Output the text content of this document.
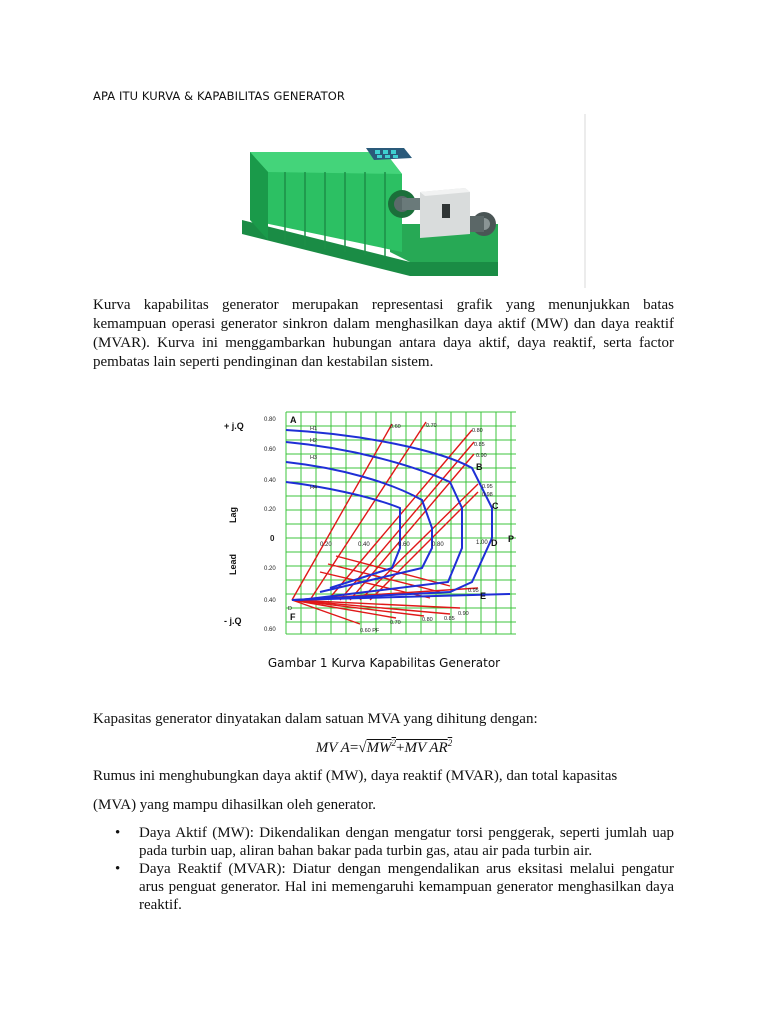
APA ITU KURVA & KAPABILITAS GENERATOR
Kurva kapabilitas generator merupakan representasi grafik yang menunjukkan batas kemampuan operasi generator sinkron dalam menghasilkan daya aktif (MW) dan daya reaktif (MVAR). Kurva ini menggambarkan hubungan antara daya aktif, daya reaktif, serta factor pembatas lain seperti pendinginan dan kestabilan sistem.
+ j.Q
- j.Q
Lag
Lead
0.80
0.60
0.40
0.20
0
0.20
0.40
0.60
0.20	0.40	0.60	0.80	1.00
A
B
C
D
E
F
P
H1
H2
H3
H4
D
0.60	0.70
0.80
0.85
0.90
0.95
0.98
0.60 PF
0.70	0.80 0.85
0.90
0.95
Gambar 1 Kurva Kapabilitas Generator
Kapasitas generator dinyatakan dalam satuan MVA yang dihitung dengan:
MV $A=√MW^2+MV$ $AR^2$
Rumus ini menghubungkan daya aktif (MW), daya reaktif (MVAR), dan total kapasitas
(MVA) yang mampu dihasilkan oleh generator.
• Daya Aktif (MW): Dikendalikan dengan mengatur torsi penggerak, seperti jumlah uap pada turbin uap, aliran bahan bakar pada turbin gas, atau air pada turbin air.
• Daya Reaktif (MVAR): Diatur dengan mengendalikan arus eksitasi melalui pengatur arus penguat generator. Hal ini memengaruhi kemampuan generator menghasilkan daya reaktif.
